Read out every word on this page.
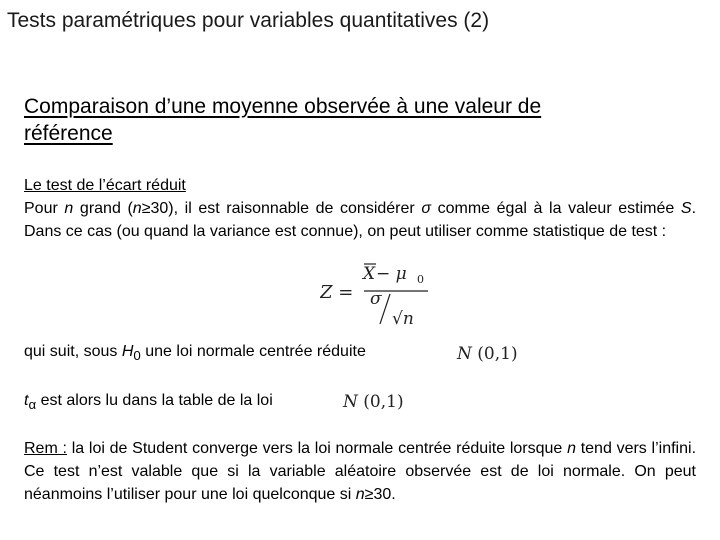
Tests paramétriques pour variables quantitatives (2)
Comparaison d’une moyenne observée à une valeur de référence
Le test de l’écart réduit
Pour n grand (n≥30), il est raisonnable de considérer σ comme égal à la valeur estimée S. Dans ce cas (ou quand la variance est connue), on peut utiliser comme statistique de test :
Z =
X − μ 0
σ
√n
qui suit, sous $H_0$ une loi normale centrée réduite	N (0,1)
$t_\alpha$ est alors lu dans la table de la loi	N (0,1)
Rem : la loi de Student converge vers la loi normale centrée réduite lorsque n tend vers l’infini. Ce test n’est valable que si la variable aléatoire observée est de loi normale. On peut néanmoins l’utiliser pour une loi quelconque si n≥30.
